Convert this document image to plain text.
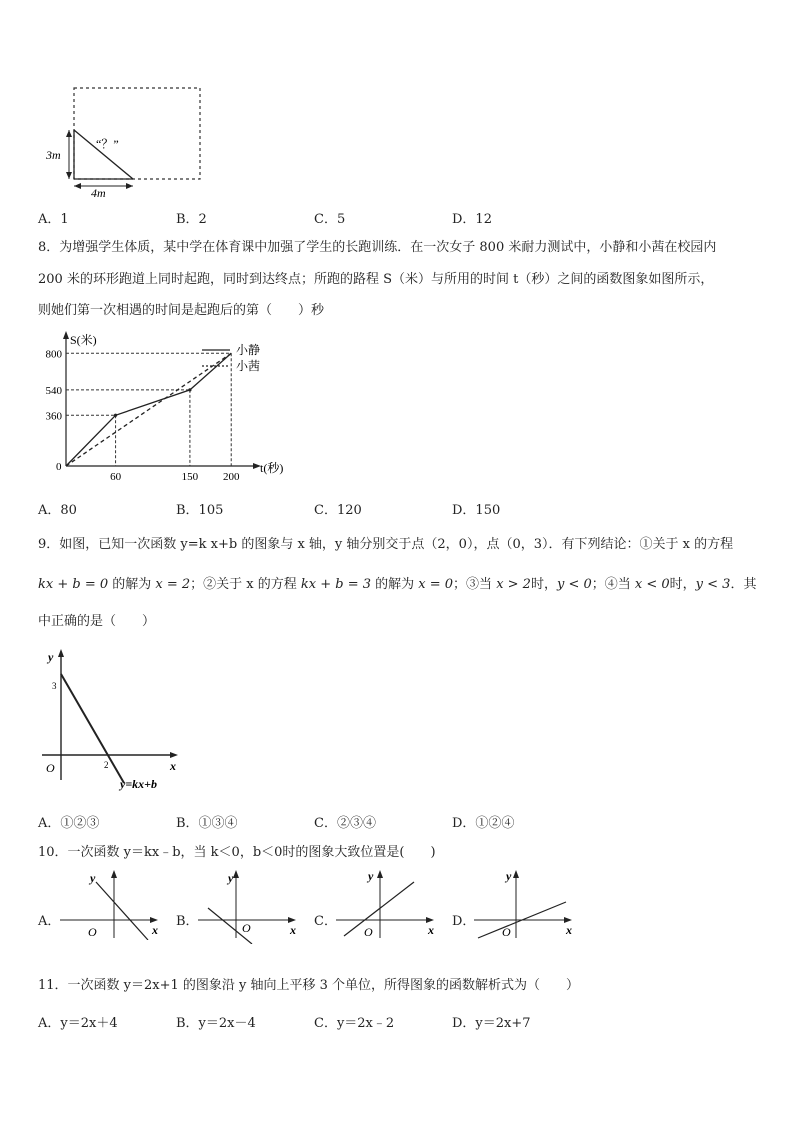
3m
4m
“？”
A．1	B．2	C．5	D．12
8．为增强学生体质，某中学在体育课中加强了学生的长跑训练．在一次女子 800 米耐力测试中，小静和小茜在校园内
200 米的环形跑道上同时起跑，同时到达终点；所跑的路程 S（米）与所用的时间 t（秒）之间的函数图象如图所示，
则她们第一次相遇的时间是起跑后的第（　　）秒
S(米)
t(秒)
0
60	150 200
360
540
800	小静
小茜
A．80	B．105	C．120	D．150
9．如图，已知一次函数 y=k x+b 的图象与 x 轴，y 轴分别交于点（2，0），点（0，3）．有下列结论：①关于 x 的方程
kx + b = 0 的解为 x = 2；②关于 x 的方程 kx + b = 3 的解为 x = 0；③当 x > 2时，y < 0；④当 x < 0时，y < 3．其
中正确的是（　　）
y
x
O
3
2
y=kx+b
A．①②③	B．①③④	C．②③④	D．①②④
10．一次函数 y＝kx﹣b，当 k＜0，b＜0时的图象大致位置是(　　)
A．
y
x
O
B．
y
x
O	C．
y
x
O
D．
y
x
O
11．一次函数 y＝2x+1 的图象沿 y 轴向上平移 3 个单位，所得图象的函数解析式为（　　）
A．y＝2x＋4	B．y＝2x－4	C．y＝2x﹣2	D．y＝2x+7
